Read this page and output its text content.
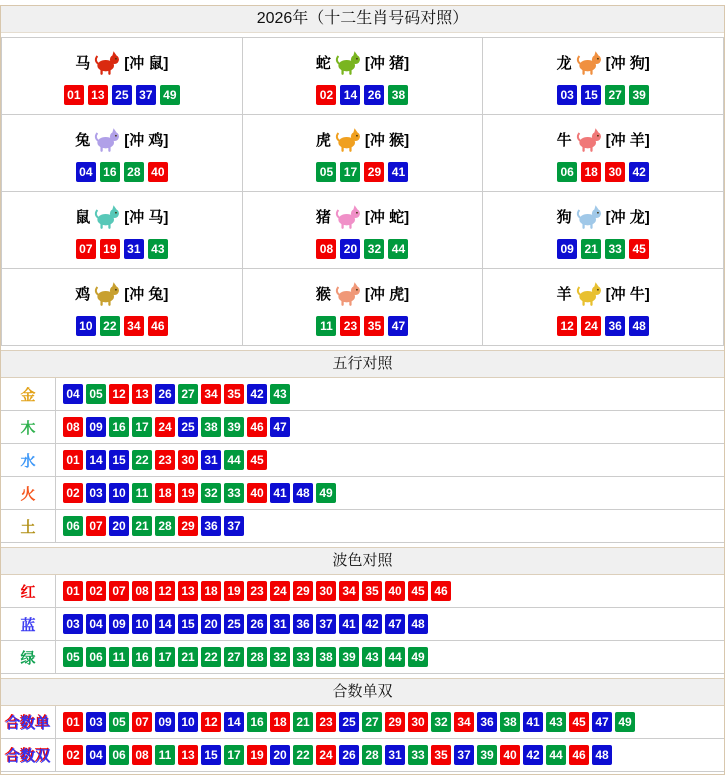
2026年（十二生肖号码对照）
马 [冲 鼠]
01 13 25 37 49

蛇 [冲 猪]
02 14 26 38

龙 [冲 狗]
03 15 27 39

兔 [冲 鸡]
04 16 28 40

虎 [冲 猴]
05 17 29 41

牛 [冲 羊]
06 18 30 42

鼠 [冲 马]
07 19 31 43

猪 [冲 蛇]
08 20 32 44

狗 [冲 龙]
09 21 33 45

鸡 [冲 兔]
10 22 34 46

猴 [冲 虎]
11 23 35 47

羊 [冲 牛]
12 24 36 48
五行对照
金	04 05 12 13 26 27 34 35 42 43
木	08 09 16 17 24 25 38 39 46 47
水	01 14 15 22 23 30 31 44 45
火	02 03 10 11 18 19 32 33 40 41 48 49
土	06 07 20 21 28 29 36 37
波色对照
红	01 02 07 08 12 13 18 19 23 24 29 30 34 35 40 45 46
蓝	03 04 09 10 14 15 20 25 26 31 36 37 41 42 47 48
绿	05 06 11 16 17 21 22 27 28 32 33 38 39 43 44 49
合数单双
合数单	01 03 05 07 09 10 12 14 16 18 21 23 25 27 29 30 32 34 36 38 41 43 45 47 49
合数双	02 04 06 08 11 13 15 17 19 20 22 24 26 28 31 33 35 37 39 40 42 44 46 48
